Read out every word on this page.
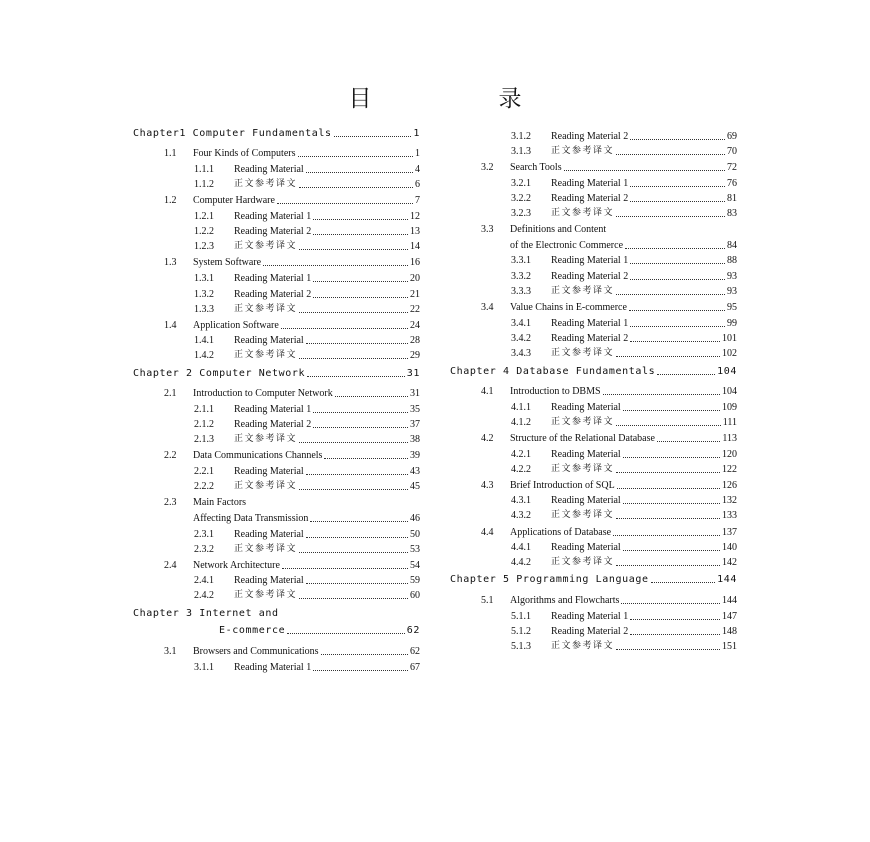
目　录
Chapter1 Computer Fundamentals	1
1.1	Four Kinds of Computers	1
1.1.1	Reading Material	4
1.1.2	正文参考译文	6
1.2	Computer Hardware	7
1.2.1	Reading Material 1	12
1.2.2	Reading Material 2	13
1.2.3	正文参考译文	14
1.3	System Software	16
1.3.1	Reading Material 1	20
1.3.2	Reading Material 2	21
1.3.3	正文参考译文	22
1.4	Application Software	24
1.4.1	Reading Material	28
1.4.2	正文参考译文	29
Chapter 2 Computer Network	31
2.1	Introduction to Computer Network	31
2.1.1	Reading Material 1	35
2.1.2	Reading Material 2	37
2.1.3	正文参考译文	38
2.2	Data Communications Channels	39
2.2.1	Reading Material	43
2.2.2	正文参考译文	45
2.3	Main Factors
Affecting Data Transmission	46
2.3.1	Reading Material	50
2.3.2	正文参考译文	53
2.4	Network Architecture	54
2.4.1	Reading Material	59
2.4.2	正文参考译文	60
Chapter 3 Internet and
E-commerce	62
3.1	Browsers and Communications	62
3.1.1	Reading Material 1	67
3.1.2	Reading Material 2	69
3.1.3	正文参考译文	70
3.2	Search Tools	72
3.2.1	Reading Material 1	76
3.2.2	Reading Material 2	81
3.2.3	正文参考译文	83
3.3	Definitions and Content
of the Electronic Commerce	84
3.3.1	Reading Material 1	88
3.3.2	Reading Material 2	93
3.3.3	正文参考译文	93
3.4	Value Chains in E-commerce	95
3.4.1	Reading Material 1	99
3.4.2	Reading Material 2	101
3.4.3	正文参考译文	102
Chapter 4 Database Fundamentals	104
4.1	Introduction to DBMS	104
4.1.1	Reading Material	109
4.1.2	正文参考译文	111
4.2	Structure of the Relational Database	113
4.2.1	Reading Material	120
4.2.2	正文参考译文	122
4.3	Brief Introduction of SQL	126
4.3.1	Reading Material	132
4.3.2	正文参考译文	133
4.4	Applications of Database	137
4.4.1	Reading Material	140
4.4.2	正文参考译文	142
Chapter 5 Programming Language	144
5.1	Algorithms and Flowcharts	144
5.1.1	Reading Material 1	147
5.1.2	Reading Material 2	148
5.1.3	正文参考译文	151
